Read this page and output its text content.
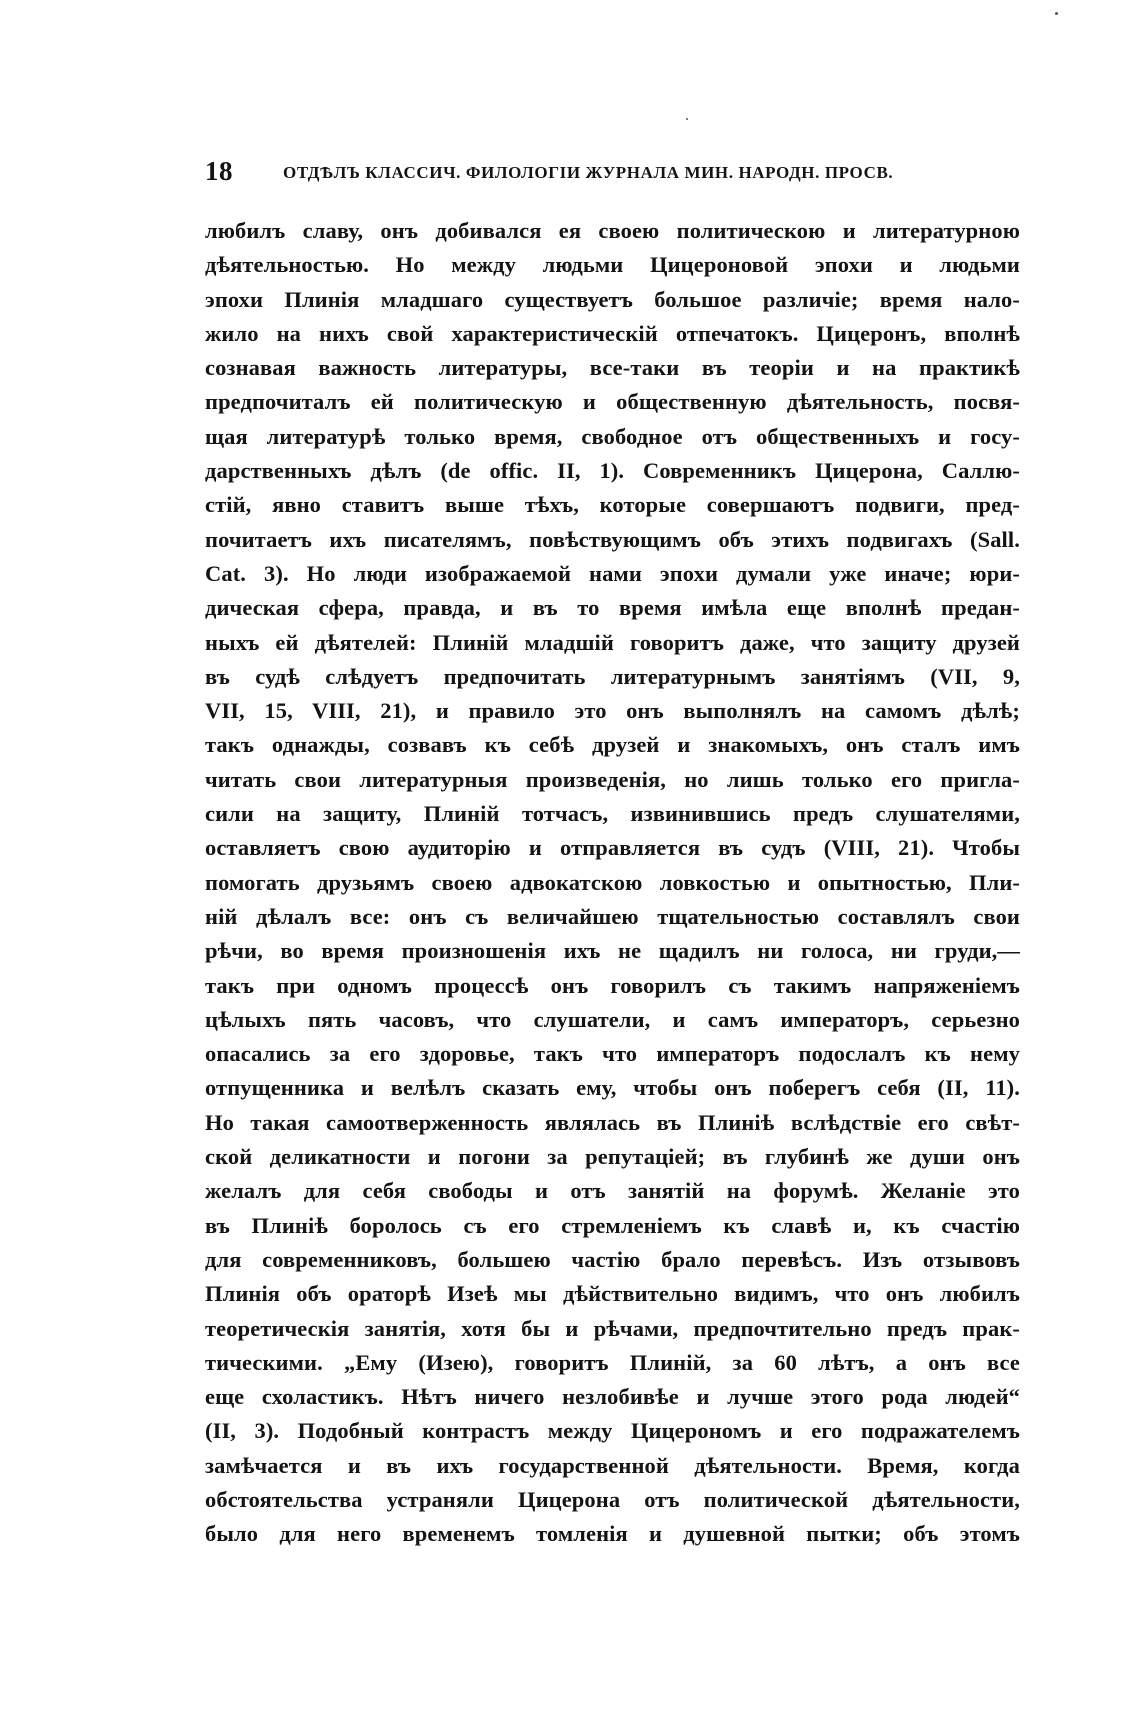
18	ОТДѢЛЪ КЛАССИЧ. ФИЛОЛОГІИ ЖУРНАЛА МИН. НАРОДН. ПРОСВ.
любилъ славу, онъ добивался ея своею политическою и литературною
дѣятельностью. Но между людьми Цицероновой эпохи и людьми
эпохи Плинія младшаго существуетъ большое различіе; время нало-
жило на нихъ свой характеристическій отпечатокъ. Цицеронъ, вполнѣ
сознавая важность литературы, все-таки въ теоріи и на практикѣ
предпочиталъ ей политическую и общественную дѣятельность, посвя-
щая литературѣ только время, свободное отъ общественныхъ и госу-
дарственныхъ дѣлъ (de offic. II, 1). Современникъ Цицерона, Саллю-
стій, явно ставитъ выше тѣхъ, которые совершаютъ подвиги, пред-
почитаетъ ихъ писателямъ, повѣствующимъ объ этихъ подвигахъ (Sall.
Cat. 3). Но люди изображаемой нами эпохи думали уже иначе; юри-
дическая сфера, правда, и въ то время имѣла еще вполнѣ предан-
ныхъ ей дѣятелей: Плиній младшій говоритъ даже, что защиту друзей
въ судѣ слѣдуетъ предпочитать литературнымъ занятіямъ (VII, 9,
VII, 15, VIII, 21), и правило это онъ выполнялъ на самомъ дѣлѣ;
такъ однажды, созвавъ къ себѣ друзей и знакомыхъ, онъ сталъ имъ
читать свои литературныя произведенія, но лишь только его пригла-
сили на защиту, Плиній тотчасъ, извинившись предъ слушателями,
оставляетъ свою аудиторію и отправляется въ судъ (VIII, 21). Чтобы
помогать друзьямъ своею адвокатскою ловкостью и опытностью, Пли-
ній дѣлалъ все: онъ съ величайшею тщательностью составлялъ свои
рѣчи, во время произношенія ихъ не щадилъ ни голоса, ни груди,—
такъ при одномъ процессѣ онъ говорилъ съ такимъ напряженіемъ
цѣлыхъ пять часовъ, что слушатели, и самъ императоръ, серьезно
опасались за его здоровье, такъ что императоръ подослалъ къ нему
отпущенника и велѣлъ сказать ему, чтобы онъ поберегъ себя (II, 11).
Но такая самоотверженность являлась въ Плиніѣ вслѣдствіе его свѣт-
ской деликатности и погони за репутаціей; въ глубинѣ же души онъ
желалъ для себя свободы и отъ занятій на форумѣ. Желаніе это
въ Плиніѣ боролось съ его стремленіемъ къ славѣ и, къ счастію
для современниковъ, большею частію брало перевѣсъ. Изъ отзывовъ
Плинія объ ораторѣ Изеѣ мы дѣйствительно видимъ, что онъ любилъ
теоретическія занятія, хотя бы и рѣчами, предпочтительно предъ прак-
тическими. „Ему (Изею), говоритъ Плиній, за 60 лѣтъ, а онъ все
еще схоластикъ. Нѣтъ ничего незлобивѣе и лучше этого рода людей“
(II, 3). Подобный контрастъ между Цицерономъ и его подражателемъ
замѣчается и въ ихъ государственной дѣятельности. Время, когда
обстоятельства устраняли Цицерона отъ политической дѣятельности,
было для него временемъ томленія и душевной пытки; объ этомъ
